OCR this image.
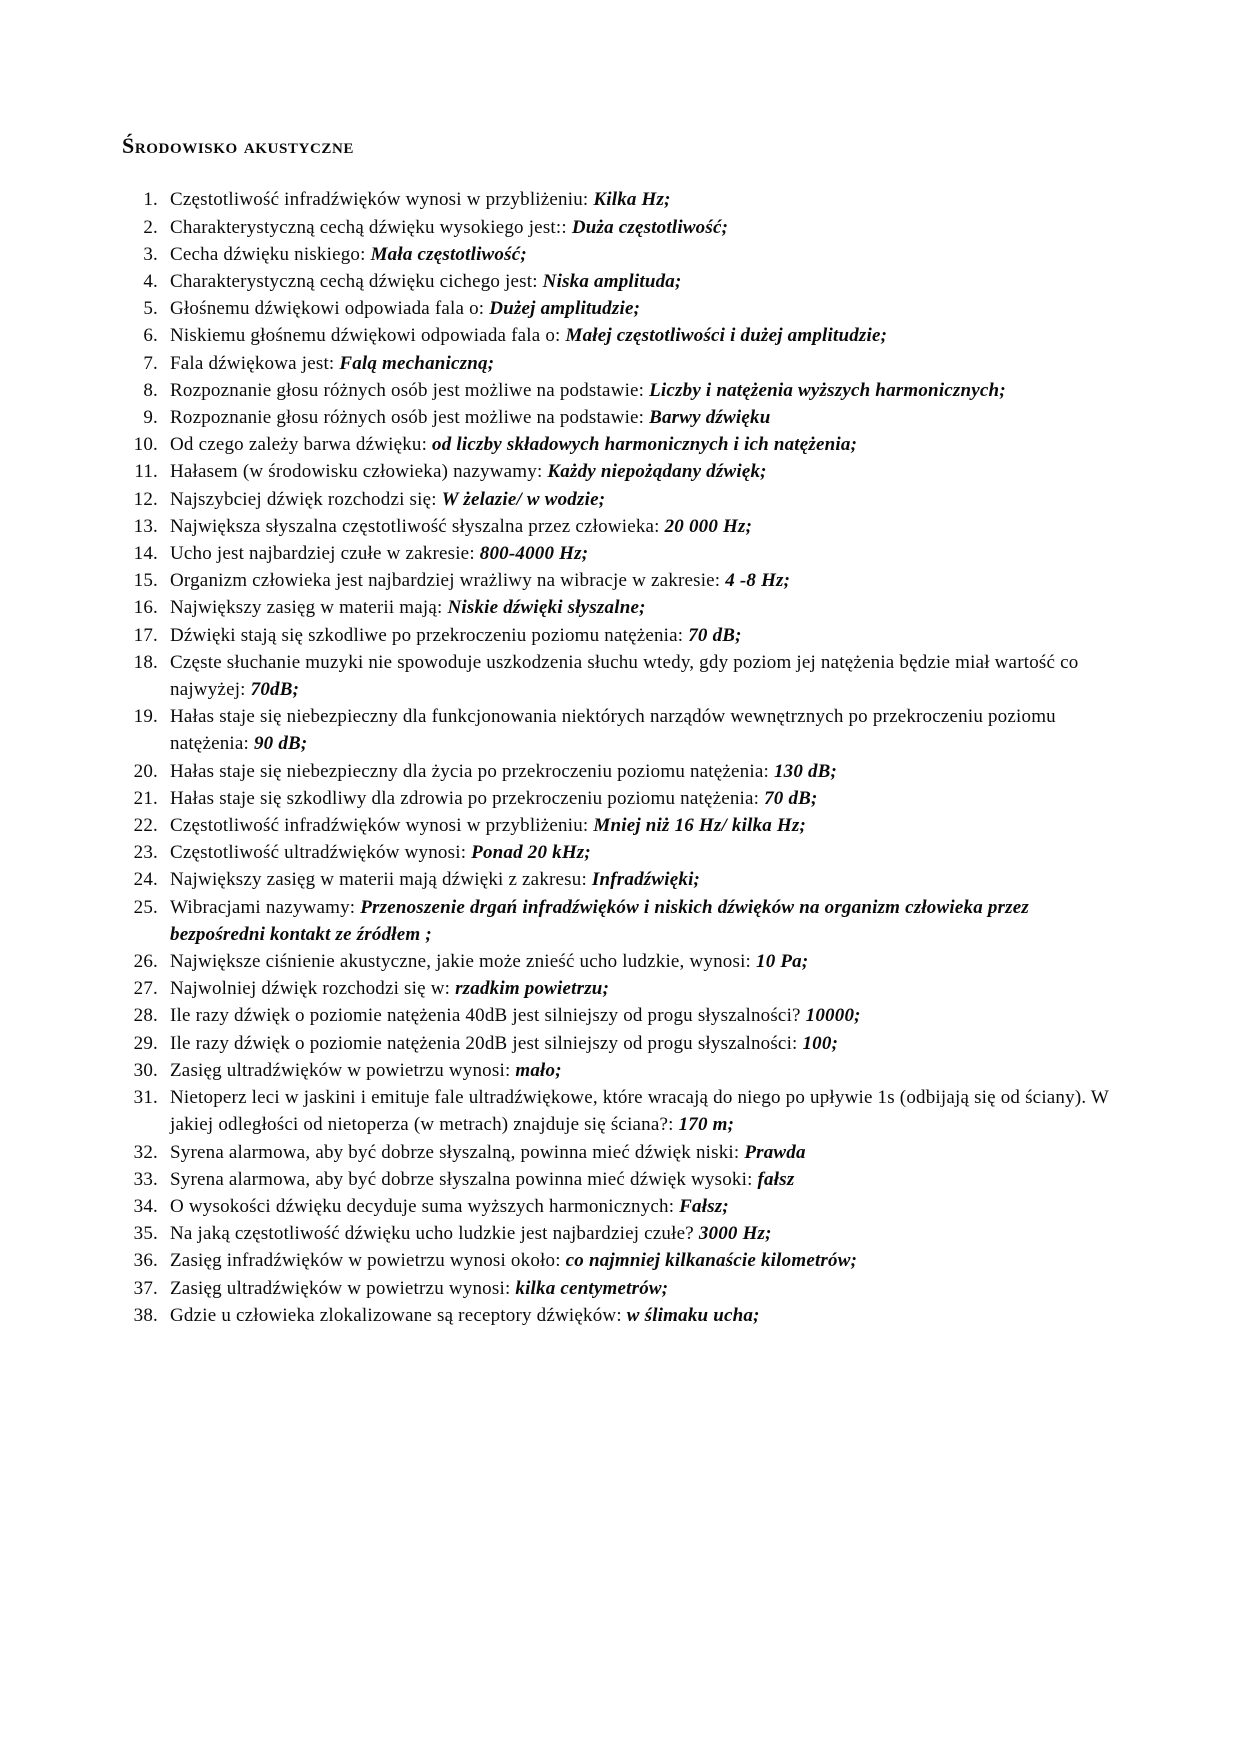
Środowisko akustyczne
1. Częstotliwość infradźwięków wynosi w przybliżeniu: Kilka Hz;
2. Charakterystyczną cechą dźwięku wysokiego jest:: Duża częstotliwość;
3. Cecha dźwięku niskiego: Mała częstotliwość;
4. Charakterystyczną cechą dźwięku cichego jest: Niska amplituda;
5. Głośnemu dźwiękowi odpowiada fala o: Dużej amplitudzie;
6. Niskiemu głośnemu dźwiękowi odpowiada fala o: Małej częstotliwości i dużej amplitudzie;
7. Fala dźwiękowa jest: Falą mechaniczną;
8. Rozpoznanie głosu różnych osób jest możliwe na podstawie: Liczby i natężenia wyższych harmonicznych;
9. Rozpoznanie głosu różnych osób jest możliwe na podstawie: Barwy dźwięku
10. Od czego zależy barwa dźwięku: od liczby składowych harmonicznych i ich natężenia;
11. Hałasem (w środowisku człowieka) nazywamy: Każdy niepożądany dźwięk;
12. Najszybciej dźwięk rozchodzi się: W żelazie/ w wodzie;
13. Największa słyszalna częstotliwość słyszalna przez człowieka: 20 000 Hz;
14. Ucho jest najbardziej czułe w zakresie: 800-4000 Hz;
15. Organizm człowieka jest najbardziej wrażliwy na wibracje w zakresie: 4 -8 Hz;
16. Największy zasięg w materii mają: Niskie dźwięki słyszalne;
17. Dźwięki stają się szkodliwe po przekroczeniu poziomu natężenia: 70 dB;
18. Częste słuchanie muzyki nie spowoduje uszkodzenia słuchu wtedy, gdy poziom jej natężenia będzie miał wartość co najwyżej: 70dB;
19. Hałas staje się niebezpieczny dla funkcjonowania niektórych narządów wewnętrznych po przekroczeniu poziomu natężenia: 90 dB;
20. Hałas staje się niebezpieczny dla życia po przekroczeniu poziomu natężenia: 130 dB;
21. Hałas staje się szkodliwy dla zdrowia po przekroczeniu poziomu natężenia: 70 dB;
22. Częstotliwość infradźwięków wynosi w przybliżeniu: Mniej niż 16 Hz/ kilka Hz;
23. Częstotliwość ultradźwięków wynosi: Ponad 20 kHz;
24. Największy zasięg w materii mają dźwięki z zakresu: Infradźwięki;
25. Wibracjami nazywamy: Przenoszenie drgań infradźwięków i niskich dźwięków na organizm człowieka przez bezpośredni kontakt ze źródłem ;
26. Największe ciśnienie akustyczne, jakie może znieść ucho ludzkie, wynosi: 10 Pa;
27. Najwolniej dźwięk rozchodzi się w: rzadkim powietrzu;
28. Ile razy dźwięk o poziomie natężenia 40dB jest silniejszy od progu słyszalności? 10000;
29. Ile razy dźwięk o poziomie natężenia 20dB jest silniejszy od progu słyszalności: 100;
30. Zasięg ultradźwięków w powietrzu wynosi: mało;
31. Nietoperz leci w jaskini i emituje fale ultradźwiękowe, które wracają do niego po upływie 1s (odbijają się od ściany). W jakiej odległości od nietoperza (w metrach) znajduje się ściana?: 170 m;
32. Syrena alarmowa, aby być dobrze słyszalną, powinna mieć dźwięk niski: Prawda
33. Syrena alarmowa, aby być dobrze słyszalna powinna mieć dźwięk wysoki: fałsz
34. O wysokości dźwięku decyduje suma wyższych harmonicznych: Fałsz;
35. Na jaką częstotliwość dźwięku ucho ludzkie jest najbardziej czułe? 3000 Hz;
36. Zasięg infradźwięków w powietrzu wynosi około: co najmniej kilkanaście kilometrów;
37. Zasięg ultradźwięków w powietrzu wynosi: kilka centymetrów;
38. Gdzie u człowieka zlokalizowane są receptory dźwięków: w ślimaku ucha;
